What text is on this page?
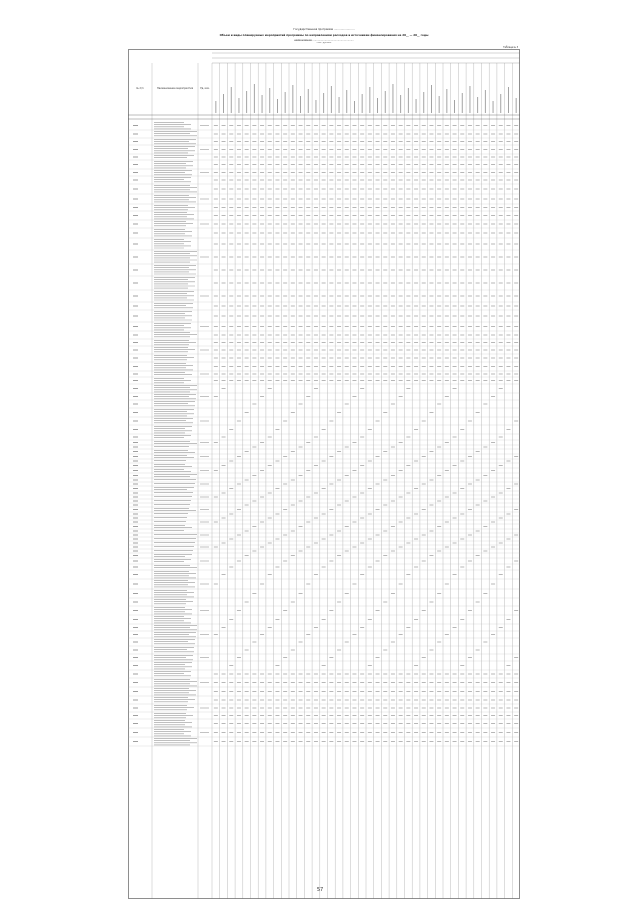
Государственная программа ……………………
Объем и виды планируемых мероприятий программы по направлениям расходов и источникам финансирования на 20__ — 20__ годы
наименование ………………………………………………
(тыс. рублей)
Таблица № 3
№ п/п	Наименование мероприятия	Ед. изм.
57
